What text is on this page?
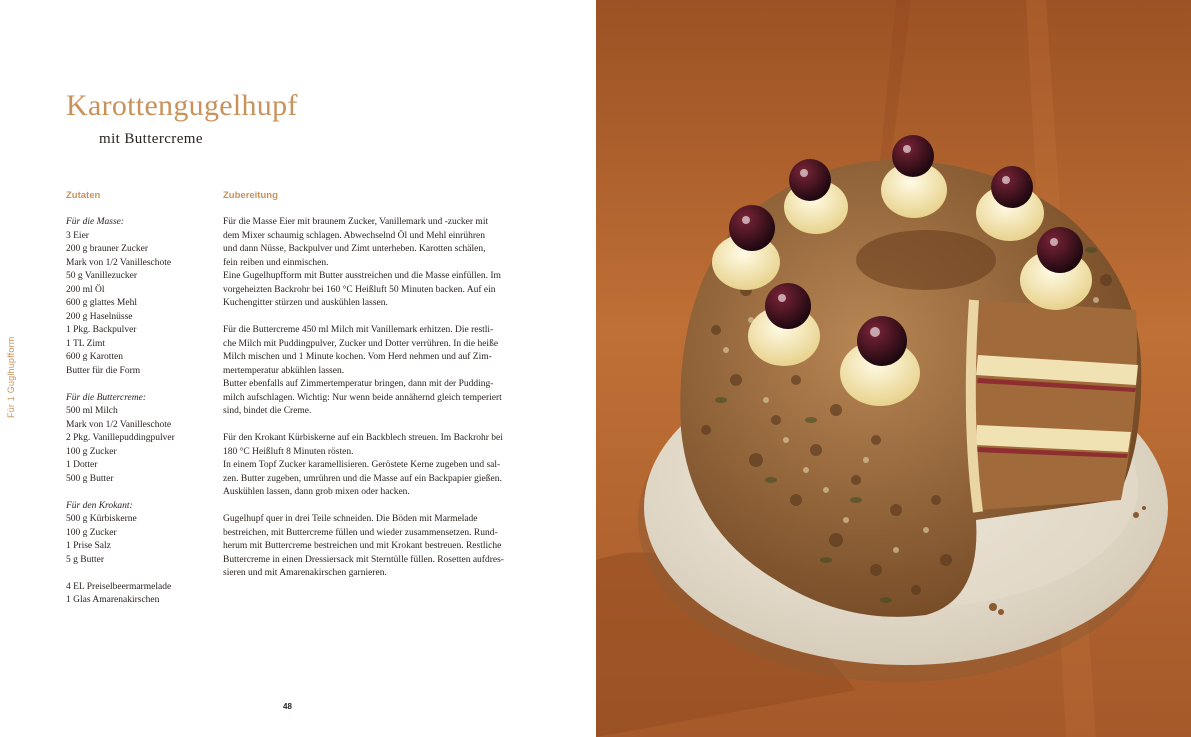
Für 1 Guglhupfform
Karottengugelhupf
mit Buttercreme
Zutaten	Zubereitung
Für die Masse:
3 Eier
200 g brauner Zucker
Mark von 1/2 Vanilleschote
50 g Vanillezucker
200 ml Öl
600 g glattes Mehl
200 g Haselnüsse
1 Pkg. Backpulver
1 TL Zimt
600 g Karotten
Butter für die Form
Für die Buttercreme:
500 ml Milch
Mark von 1/2 Vanilleschote
2 Pkg. Vanillepuddingpulver
100 g Zucker
1 Dotter
500 g Butter
Für den Krokant:
500 g Kürbiskerne
100 g Zucker
1 Prise Salz
5 g Butter
4 EL Preiselbeermarmelade
1 Glas Amarenakirschen
Für die Masse Eier mit braunem Zucker, Vanillemark und -zucker mit
dem Mixer schaumig schlagen. Abwechselnd Öl und Mehl einrühren
und dann Nüsse, Backpulver und Zimt unterheben. Karotten schälen,
fein reiben und einmischen.
Eine Gugelhupfform mit Butter ausstreichen und die Masse einfüllen. Im
vorgeheizten Backrohr bei 160 °C Heißluft 50 Minuten backen. Auf ein
Kuchengitter stürzen und auskühlen lassen.
Für die Buttercreme 450 ml Milch mit Vanillemark erhitzen. Die restli-
che Milch mit Puddingpulver, Zucker und Dotter verrühren. In die heiße
Milch mischen und 1 Minute kochen. Vom Herd nehmen und auf Zim-
mertemperatur abkühlen lassen.
Butter ebenfalls auf Zimmertemperatur bringen, dann mit der Pudding-
milch aufschlagen. Wichtig: Nur wenn beide annähernd gleich temperiert
sind, bindet die Creme.
Für den Krokant Kürbiskerne auf ein Backblech streuen. Im Backrohr bei
180 °C Heißluft 8 Minuten rösten.
In einem Topf Zucker karamellisieren. Geröstete Kerne zugeben und sal-
zen. Butter zugeben, umrühren und die Masse auf ein Backpapier gießen.
Auskühlen lassen, dann grob mixen oder hacken.
Gugelhupf quer in drei Teile schneiden. Die Böden mit Marmelade
bestreichen, mit Buttercreme füllen und wieder zusammensetzen. Rund-
herum mit Buttercreme bestreichen und mit Krokant bestreuen. Restliche
Buttercreme in einen Dressiersack mit Sterntülle füllen. Rosetten aufdres-
sieren und mit Amarenakirschen garnieren.
48
